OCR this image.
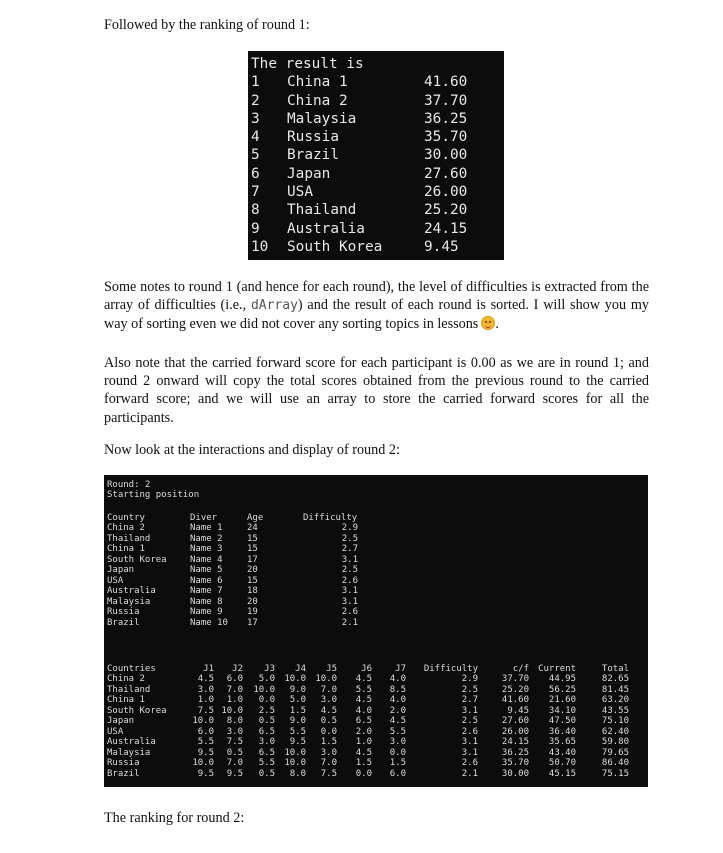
Followed by the ranking of round 1:

The result is
1 China 1	41.60
2 China 2	37.70
3 Malaysia	36.25
4 Russia	35.70
5 Brazil	30.00
6 Japan	27.60
7 USA	26.00
8 Thailand	25.20
9 Australia	24.15
10 South Korea	9.45

Some notes to round 1 (and hence for each round), the level of difficulties is extracted from the array of difficulties (i.e., dArray) and the result of each round is sorted. I will show you my way of sorting even we did not cover any sorting topics in lessons .

Also note that the carried forward score for each participant is 0.00 as we are in round 1; and round 2 onward will copy the total scores obtained from the previous round to the carried forward score; and we will use an array to store the carried forward scores for all the participants.

Now look at the interactions and display of round 2:

Round: 2
Starting position
Country	Diver	Age	Difficulty
China 2	Name 1	24	2.9
Thailand	Name 2	15	2.5
China 1	Name 3	15	2.7
South Korea	Name 4	17	3.1
Japan	Name 5	20	2.5
USA	Name 6	15	2.6
Australia	Name 7	18	3.1
Malaysia	Name 8	20	3.1
Russia	Name 9	19	2.6
Brazil	Name 10 17	2.1
Countries	J1	J2	J3	J4	J5	J6	J7	Difficulty	c/f	Current	Total
China 2	4.5	6.0	5.0	10.0	10.0	4.5	4.0	2.9	37.70	44.95	82.65
Thailand	3.0	7.0	10.0	9.0	7.0	5.5	8.5	2.5	25.20	56.25	81.45
China 1	1.0	1.0	0.0	5.0	3.0	4.5	4.0	2.7	41.60	21.60	63.20
South Korea	7.5 10.0	2.5	1.5	4.5	4.0	2.0	3.1	9.45	34.10	43.55
Japan	10.0	8.0	0.5	9.0	0.5	6.5	4.5	2.5	27.60	47.50	75.10
USA	6.0	3.0	6.5	5.5	0.0	2.0	5.5	2.6	26.00	36.40	62.40
Australia	5.5	7.5	3.0	9.5	1.5	1.0	3.0	3.1	24.15	35.65	59.80
Malaysia	9.5	0.5	6.5	10.0	3.0	4.5	0.0	3.1	36.25	43.40	79.65
Russia	10.0	7.0	5.5	10.0	7.0	1.5	1.5	2.6	35.70	50.70	86.40
Brazil	9.5	9.5	0.5	8.0	7.5	0.0	6.0	2.1	30.00	45.15	75.15

The ranking for round 2:
